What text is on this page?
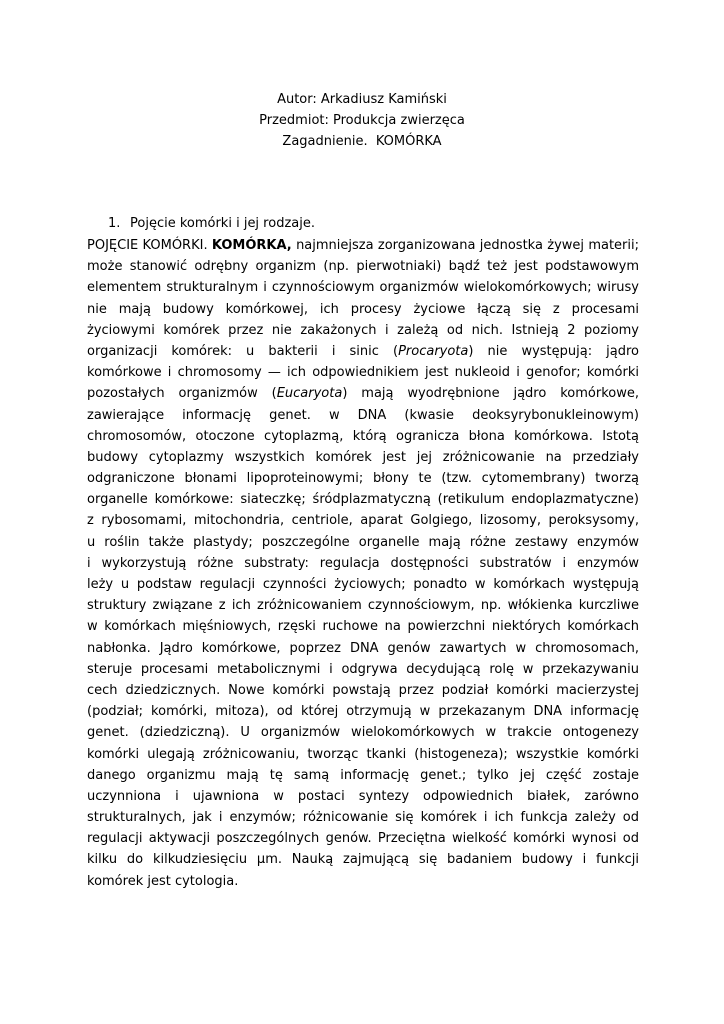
Autor: Arkadiusz Kamiński
Przedmiot: Produkcja zwierzęca
Zagadnienie.  KOMÓRKA
1. Pojęcie komórki i jej rodzaje.
POJĘCIE KOMÓRKI. KOMÓRKA, najmniejsza zorganizowana jednostka żywej materii;
może stanowić odrębny organizm (np. pierwotniaki) bądź też jest podstawowym
elementem strukturalnym i czynnościowym organizmów wielokomórkowych; wirusy
nie mają budowy komórkowej, ich procesy życiowe łączą się z procesami
życiowymi komórek przez nie zakażonych i zależą od nich. Istnieją 2 poziomy
organizacji komórek: u bakterii i sinic (Procaryota) nie występują: jądro
komórkowe i chromosomy — ich odpowiednikiem jest nukleoid i genofor; komórki
pozostałych organizmów (Eucaryota) mają wyodrębnione jądro komórkowe,
zawierające informację genet. w DNA (kwasie deoksyrybonukleinowym)
chromosomów, otoczone cytoplazmą, którą ogranicza błona komórkowa. Istotą
budowy cytoplazmy wszystkich komórek jest jej zróżnicowanie na przedziały
odgraniczone błonami lipoproteinowymi; błony te (tzw. cytomembrany) tworzą
organelle komórkowe: siateczkę; śródplazmatyczną (retikulum endoplazmatyczne)
z rybosomami, mitochondria, centriole, aparat Golgiego, lizosomy, peroksysomy,
u roślin także plastydy; poszczególne organelle mają różne zestawy enzymów
i wykorzystują różne substraty: regulacja dostępności substratów i enzymów
leży u podstaw regulacji czynności życiowych; ponadto w komórkach występują
struktury związane z ich zróżnicowaniem czynnościowym, np. włókienka kurczliwe
w komórkach mięśniowych, rzęski ruchowe na powierzchni niektórych komórkach
nabłonka. Jądro komórkowe, poprzez DNA genów zawartych w chromosomach,
steruje procesami metabolicznymi i odgrywa decydującą rolę w przekazywaniu
cech dziedzicznych. Nowe komórki powstają przez podział komórki macierzystej
(podział; komórki, mitoza), od której otrzymują w przekazanym DNA informację
genet. (dziedziczną). U organizmów wielokomórkowych w trakcie ontogenezy
komórki ulegają zróżnicowaniu, tworząc tkanki (histogeneza); wszystkie komórki
danego organizmu mają tę samą informację genet.; tylko jej część zostaje
uczynniona i ujawniona w postaci syntezy odpowiednich białek, zarówno
strukturalnych, jak i enzymów; różnicowanie się komórek i ich funkcja zależy od
regulacji aktywacji poszczególnych genów. Przeciętna wielkość komórki wynosi od
kilku do kilkudziesięciu μm. Nauką zajmującą się badaniem budowy i funkcji
komórek jest cytologia.
